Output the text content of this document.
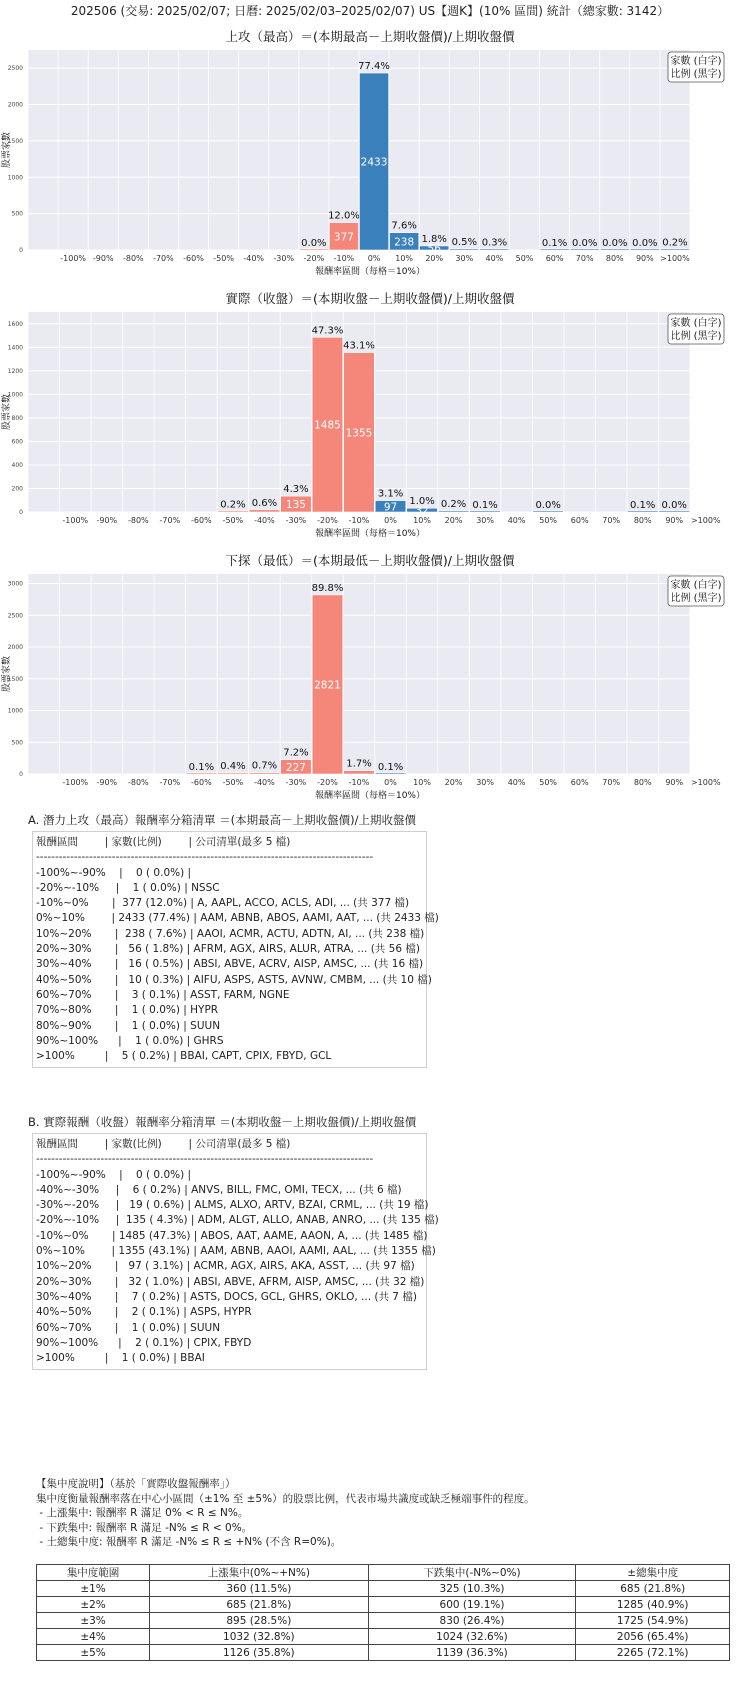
202506 (交易: 2025/02/07; 日曆: 2025/02/03–2025/02/07) US【週K】(10% 區間) 統計（總家數: 3142）
0
500
1000
1500
2000
2500
上攻（最高）＝(本期最高－上期收盤價)/上期收盤價
0.0%
12.0%
377
77.4%
2433
7.6%
238 1.8%
56
0.5% 0.3%	0.1% 0.0% 0.0% 0.0% 0.2%
-100% -90% -80% -70% -60% -50% -40% -30% -20% -10% 0% 10% 20% 30% 40% 50% 60% 70% 80% 90% >100%
報酬率區間（每格＝10%）
股票家數
家數 (白字)
比例 (黑字)
0
200
400
600
800
1000
1200
1400
1600
實際（收盤）＝(本期收盤－上期收盤價)/上期收盤價
0.2% 0.6%
4.3%
135
47.3%
1485
43.1%
1355
3.1%
97 1.0%
32
0.2% 0.1%	0.0%	0.1% 0.0%
-100% -90% -80% -70% -60% -50% -40% -30% -20% -10% 0% 10% 20% 30% 40% 50% 60% 70% 80% 90% >100%
報酬率區間（每格＝10%）
股票家數
家數 (白字)
比例 (黑字)
0
500
1000
1500
2000
2500
3000
下探（最低）＝(本期最低－上期收盤價)/上期收盤價
0.1% 0.4% 0.7%
7.2%
227
89.8%
2821
1.7% 0.1%
-100% -90% -80% -70% -60% -50% -40% -30% -20% -10% 0% 10% 20% 30% 40% 50% 60% 70% 80% 90% >100%
報酬率區間（每格＝10%）
股票家數
家數 (白字)
比例 (黑字)
A. 潛力上攻（最高）報酬率分箱清單 ＝(本期最高－上期收盤價)/上期收盤價
報酬區間        | 家數(比例)        | 公司清單(最多 5 檔)
-----------------------------------------------------------------------------------------
-100%~-90%    |    0 ( 0.0%) |
-20%~-10%     |    1 ( 0.0%) | NSSC
-10%~0%       |  377 (12.0%) | A, AAPL, ACCO, ACLS, ADI, ... (共 377 檔)
0%~10%        | 2433 (77.4%) | AAM, ABNB, ABOS, AAMI, AAT, ... (共 2433 檔)
10%~20%       |  238 ( 7.6%) | AAOI, ACMR, ACTU, ADTN, AI, ... (共 238 檔)
20%~30%       |   56 ( 1.8%) | AFRM, AGX, AIRS, ALUR, ATRA, ... (共 56 檔)
30%~40%       |   16 ( 0.5%) | ABSI, ABVE, ACRV, AISP, AMSC, ... (共 16 檔)
40%~50%       |   10 ( 0.3%) | AIFU, ASPS, ASTS, AVNW, CMBM, ... (共 10 檔)
60%~70%       |    3 ( 0.1%) | ASST, FARM, NGNE
70%~80%       |    1 ( 0.0%) | HYPR
80%~90%       |    1 ( 0.0%) | SUUN
90%~100%      |    1 ( 0.0%) | GHRS
>100%         |    5 ( 0.2%) | BBAI, CAPT, CPIX, FBYD, GCL
B. 實際報酬（收盤）報酬率分箱清單 ＝(本期收盤－上期收盤價)/上期收盤價
報酬區間        | 家數(比例)        | 公司清單(最多 5 檔)
-----------------------------------------------------------------------------------------
-100%~-90%    |    0 ( 0.0%) |
-40%~-30%     |    6 ( 0.2%) | ANVS, BILL, FMC, OMI, TECX, ... (共 6 檔)
-30%~-20%     |   19 ( 0.6%) | ALMS, ALXO, ARTV, BZAI, CRML, ... (共 19 檔)
-20%~-10%     |  135 ( 4.3%) | ADM, ALGT, ALLO, ANAB, ANRO, ... (共 135 檔)
-10%~0%       | 1485 (47.3%) | ABOS, AAT, AAME, AAON, A, ... (共 1485 檔)
0%~10%        | 1355 (43.1%) | AAM, ABNB, AAOI, AAMI, AAL, ... (共 1355 檔)
10%~20%       |   97 ( 3.1%) | ACMR, AGX, AIRS, AKA, ASST, ... (共 97 檔)
20%~30%       |   32 ( 1.0%) | ABSI, ABVE, AFRM, AISP, AMSC, ... (共 32 檔)
30%~40%       |    7 ( 0.2%) | ASTS, DOCS, GCL, GHRS, OKLO, ... (共 7 檔)
40%~50%       |    2 ( 0.1%) | ASPS, HYPR
60%~70%       |    1 ( 0.0%) | SUUN
90%~100%      |    2 ( 0.1%) | CPIX, FBYD
>100%         |    1 ( 0.0%) | BBAI
【集中度說明】（基於「實際收盤報酬率」）
集中度衡量報酬率落在中心小區間（±1% 至 ±5%）的股票比例，代表市場共識度或缺乏極端事件的程度。
- 上漲集中: 報酬率 R 滿足 0% < R ≤ N%。
- 下跌集中: 報酬率 R 滿足 -N% ≤ R < 0%。
- 土總集中度: 報酬率 R 滿足 -N% ≤ R ≤ +N% (不含 R=0%)。
集中度範圍	上漲集中(0%~+N%)	下跌集中(-N%~0%)	±總集中度
±1%	360 (11.5%)	325 (10.3%)	685 (21.8%)
±2%	685 (21.8%)	600 (19.1%)	1285 (40.9%)
±3%	895 (28.5%)	830 (26.4%)	1725 (54.9%)
±4%	1032 (32.8%)	1024 (32.6%)	2056 (65.4%)
±5%	1126 (35.8%)	1139 (36.3%)	2265 (72.1%)
